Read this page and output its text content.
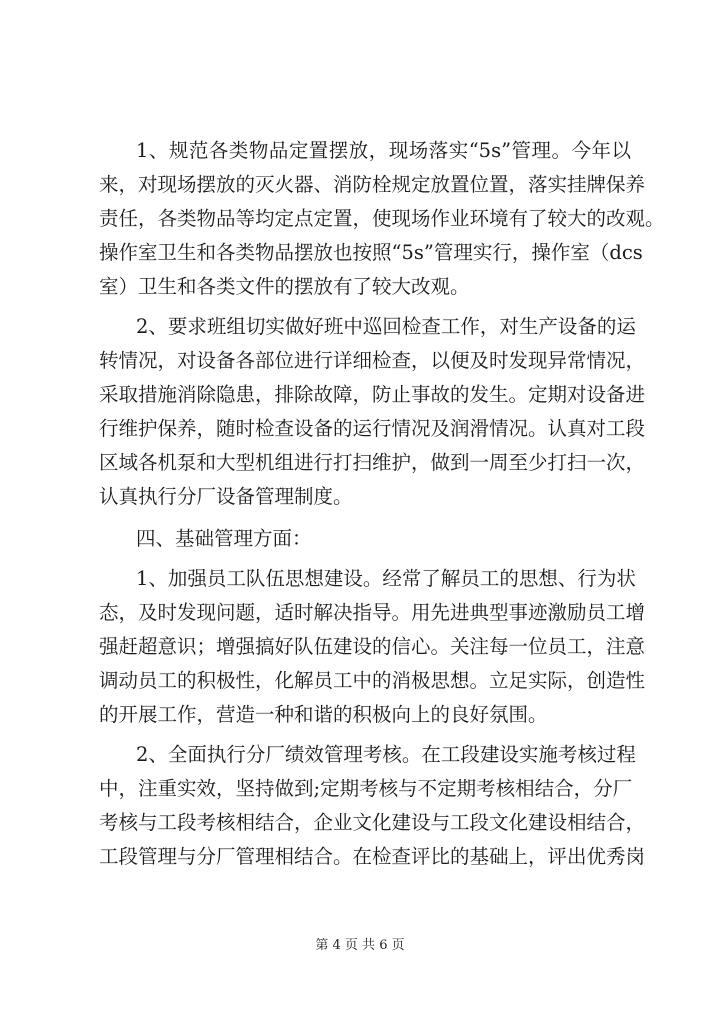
1、规范各类物品定置摆放，现场落实“5s”管理。今年以
来，对现场摆放的灭火器、消防栓规定放置位置，落实挂牌保养
责任，各类物品等均定点定置，使现场作业环境有了较大的改观。
操作室卫生和各类物品摆放也按照“5s”管理实行，操作室（dcs
室）卫生和各类文件的摆放有了较大改观。
2、要求班组切实做好班中巡回检查工作，对生产设备的运
转情况，对设备各部位进行详细检查，以便及时发现异常情况，
采取措施消除隐患，排除故障，防止事故的发生。定期对设备进
行维护保养，随时检查设备的运行情况及润滑情况。认真对工段
区域各机泵和大型机组进行打扫维护，做到一周至少打扫一次，
认真执行分厂设备管理制度。
四、基础管理方面：
1、加强员工队伍思想建设。经常了解员工的思想、行为状
态，及时发现问题，适时解决指导。用先进典型事迹激励员工增
强赶超意识；增强搞好队伍建设的信心。关注每一位员工，注意
调动员工的积极性，化解员工中的消极思想。立足实际，创造性
的开展工作，营造一种和谐的积极向上的良好氛围。
2、全面执行分厂绩效管理考核。在工段建设实施考核过程
中，注重实效，坚持做到;定期考核与不定期考核相结合，分厂
考核与工段考核相结合，企业文化建设与工段文化建设相结合，
工段管理与分厂管理相结合。在检查评比的基础上，评出优秀岗
第 4 页 共 6 页
